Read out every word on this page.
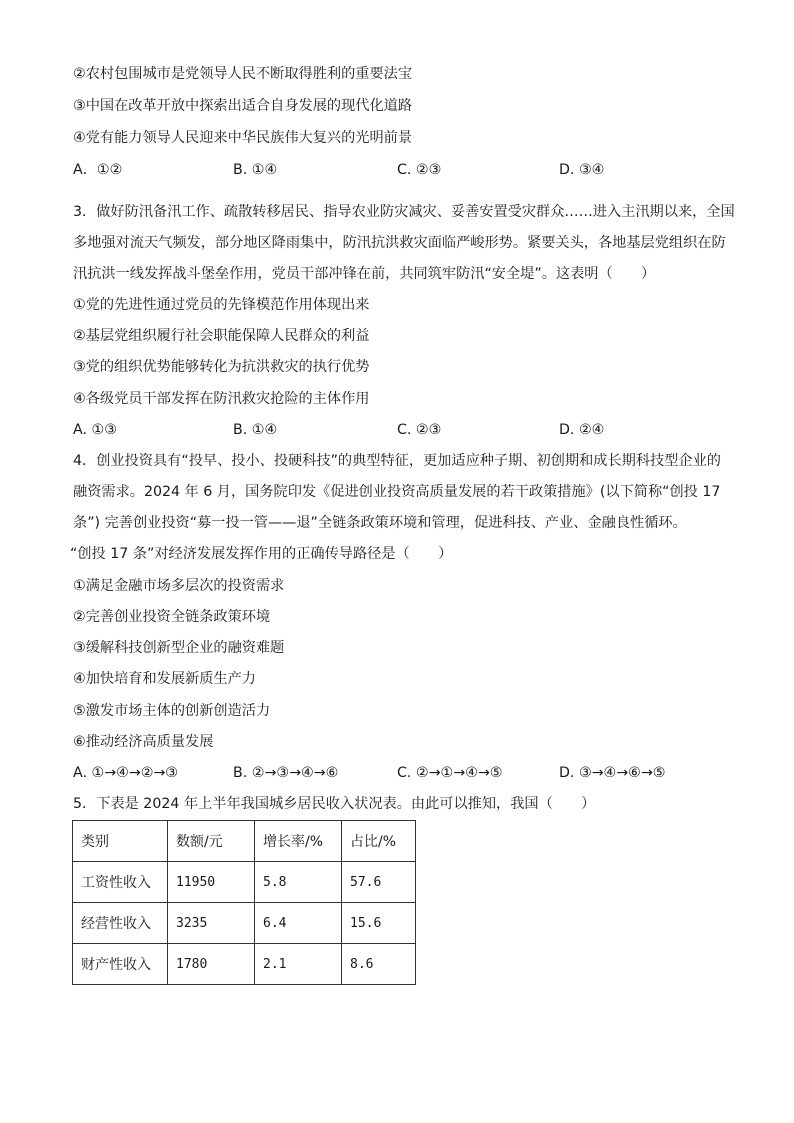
②农村包围城市是党领导人民不断取得胜利的重要法宝
③中国在改革开放中探索出适合自身发展的现代化道路
④党有能力领导人民迎来中华民族伟大复兴的光明前景
A．①②	B. ①④	C. ②③	D. ③④
3．做好防汛备汛工作、疏散转移居民、指导农业防灾减灾、妥善安置受灾群众……进入主汛期以来，全国
多地强对流天气频发，部分地区降雨集中，防汛抗洪救灾面临严峻形势。紧要关头，各地基层党组织在防
汛抗洪一线发挥战斗堡垒作用，党员干部冲锋在前，共同筑牢防汛“安全堤”。这表明（　　）
①党的先进性通过党员的先锋模范作用体现出来
②基层党组织履行社会职能保障人民群众的利益
③党的组织优势能够转化为抗洪救灾的执行优势
④各级党员干部发挥在防汛救灾抢险的主体作用
A. ①③	B. ①④	C. ②③	D. ②④
4．创业投资具有“投早、投小、投硬科技”的典型特征，更加适应种子期、初创期和成长期科技型企业的
融资需求。2024 年 6 月，国务院印发《促进创业投资高质量发展的若干政策措施》(以下简称“创投 17
条”) 完善创业投资“募一投一管——退”全链条政策环境和管理，促进科技、产业、金融良性循环。
“创投 17 条”对经济发展发挥作用的正确传导路径是（　　）
①满足金融市场多层次的投资需求
②完善创业投资全链条政策环境
③缓解科技创新型企业的融资难题
④加快培育和发展新质生产力
⑤激发市场主体的创新创造活力
⑥推动经济高质量发展
A. ①→④→②→③	B. ②→③→④→⑥	C. ②→①→④→⑤	D. ③→④→⑥→⑤
5．下表是 2024 年上半年我国城乡居民收入状况表。由此可以推知，我国（　　）
类别	数额/元	增长率/%	占比/%
工资性收入	11950	5.8	57.6
经营性收入	3235	6.4	15.6
财产性收入	1780	2.1	8.6
